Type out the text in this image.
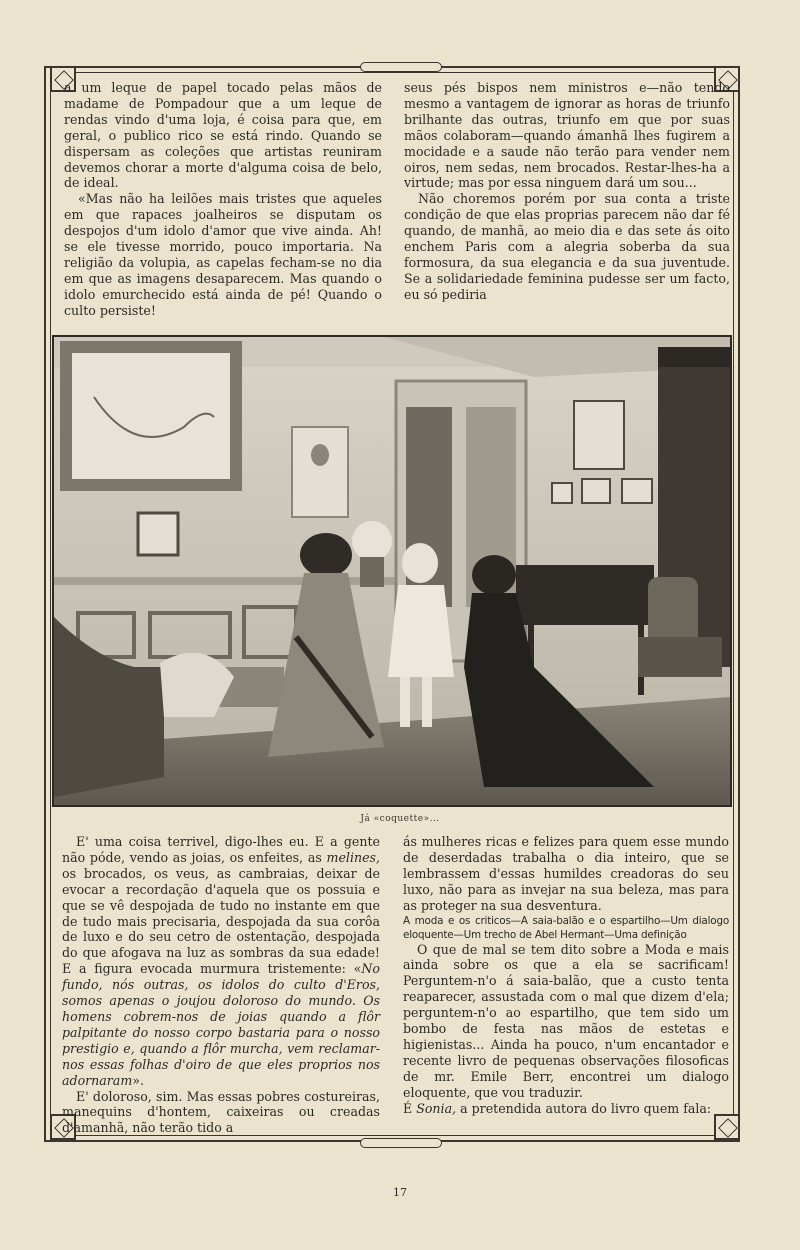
a um leque de papel tocado pelas mãos de madame de Pompadour que a um leque de rendas vindo d'uma loja, é coisa para que, em geral, o publico rico se está rindo. Quando se dispersam as coleções que artistas reuniram devemos chorar a morte d'alguma coisa de belo, de ideal.

«Mas não ha leilões mais tristes que aqueles em que rapaces joalheiros se disputam os despojos d'um idolo d'amor que vive ainda. Ah! se ele tivesse morrido, pouco importaria. Na religião da volupia, as capelas fecham-se no dia em que as imagens desaparecem. Mas quando o idolo emurchecido está ainda de pé! Quando o culto persiste!

seus pés bispos nem ministros e—não tendo mesmo a vantagem de ignorar as horas de triunfo brilhante das outras, triunfo em que por suas mãos colaboram—quando ámanhã lhes fugirem a mocidade e a saude não terão para vender nem oiros, nem sedas, nem brocados. Restar-lhes-ha a virtude; mas por essa ninguem dará um sou...

Não choremos porém por sua conta a triste condição de que elas proprias parecem não dar fé quando, de manhã, ao meio dia e das sete ás oito enchem Paris com a alegria soberba da sua formosura, da sua elegancia e da sua juventude. Se a solidariedade feminina pudesse ser um facto, eu só pediria

Já «coquette»...

E' uma coisa terrivel, digo-lhes eu. E a gente não póde, vendo as joias, os enfeites, as melines, os brocados, os veus, as cambraias, deixar de evocar a recordação d'aquela que os possuia e que se vê despojada de tudo no instante em que de tudo mais precisaria, despojada da sua corôa de luxo e do seu cetro de ostentação, despojada do que afogava na luz as sombras da sua edade! E a figura evocada murmura tristemente: «No fundo, nós outras, os idolos do culto d'Eros, somos apenas o joujou doloroso do mundo. Os homens cobrem-nos de joias quando a flôr palpitante do nosso corpo bastaria para o nosso prestigio e, quando a flôr murcha, vem reclamar-nos essas folhas d'oiro de que eles proprios nos adornaram».

E' doloroso, sim. Mas essas pobres costureiras, manequins d'hontem, caixeiras ou creadas d'amanhã, não terão tido a

ás mulheres ricas e felizes para quem esse mundo de deserdadas trabalha o dia inteiro, que se lembrassem d'essas humildes creadoras do seu luxo, não para as invejar na sua beleza, mas para as proteger na sua desventura.

A moda e os criticos—A saia-balão e o espartilho—Um dialogo eloquente—Um trecho de Abel Hermant—Uma definição

O que de mal se tem dito sobre a Moda e mais ainda sobre os que a ela se sacrificam! Perguntem-n'o á saia-balão, que a custo tenta reaparecer, assustada com o mal que dizem d'ela; perguntem-n'o ao espartilho, que tem sido um bombo de festa nas mãos de estetas e higienistas... Ainda ha pouco, n'um encantador e recente livro de pequenas observações filosoficas de mr. Emile Berr, encontrei um dialogo eloquente, que vou traduzir.

É Sonia, a pretendida autora do livro quem fala:

17
